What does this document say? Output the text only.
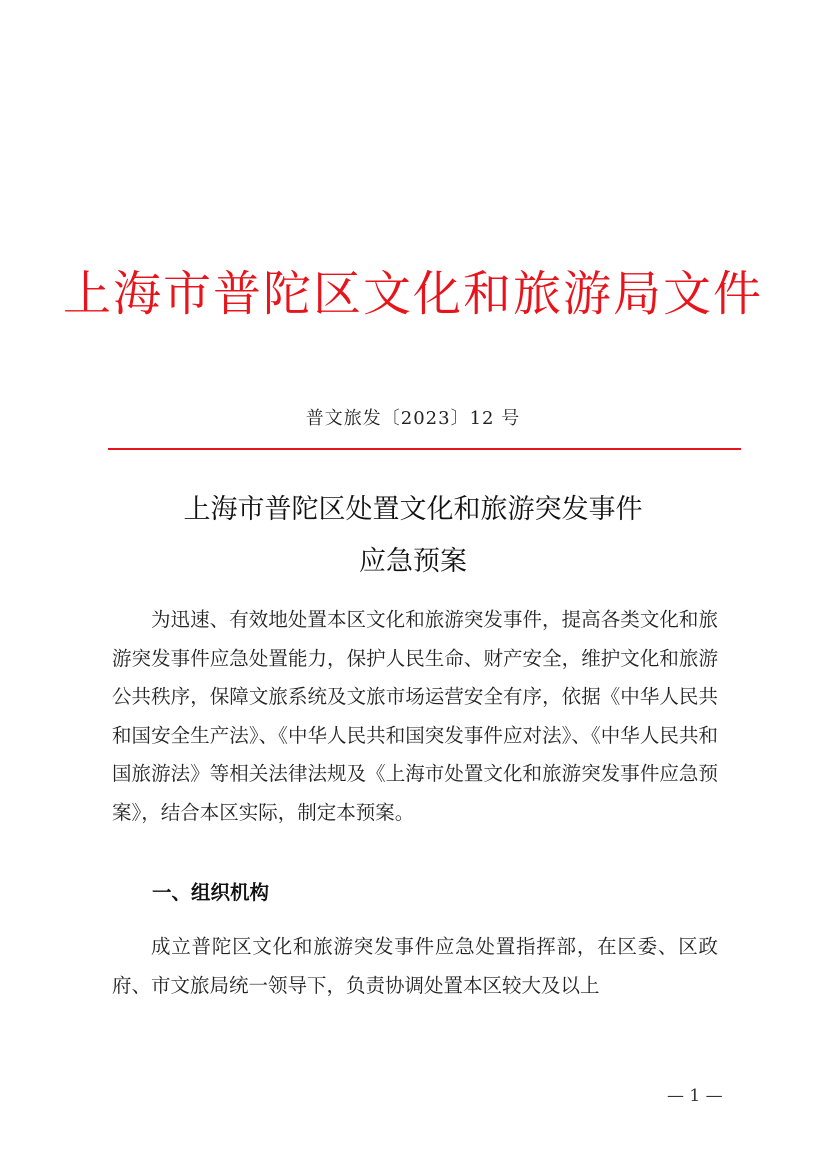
上海市普陀区文化和旅游局文件
普文旅发〔2023〕12 号
上海市普陀区处置文化和旅游突发事件
应急预案

为迅速、有效地处置本区文化和旅游突发事件，提高各类文化和旅游突发事件应急处置能力，保护人民生命、财产安全，维护文化和旅游公共秩序，保障文旅系统及文旅市场运营安全有序，依据《中华人民共和国安全生产法》、《中华人民共和国突发事件应对法》、《中华人民共和国旅游法》等相关法律法规及《上海市处置文化和旅游突发事件应急预案》，结合本区实际，制定本预案。

一、组织机构

成立普陀区文化和旅游突发事件应急处置指挥部，在区委、区政府、市文旅局统一领导下，负责协调处置本区较大及以上

— 1 —
